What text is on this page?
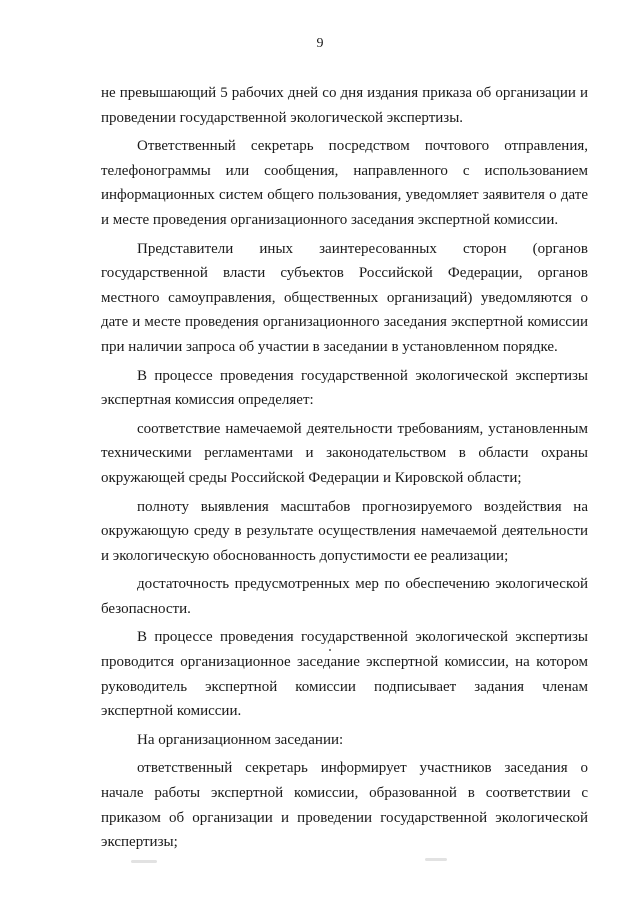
9

не превышающий 5 рабочих дней со дня издания приказа об организации и проведении государственной экологической экспертизы.

Ответственный секретарь посредством почтового отправления, телефонограммы или сообщения, направленного с использованием информационных систем общего пользования, уведомляет заявителя о дате и месте проведения организационного заседания экспертной комиссии.

Представители иных заинтересованных сторон (органов государственной власти субъектов Российской Федерации, органов местного самоуправления, общественных организаций) уведомляются о дате и месте проведения организационного заседания экспертной комиссии при наличии запроса об участии в заседании в установленном порядке.

В процессе проведения государственной экологической экспертизы экспертная комиссия определяет:

соответствие намечаемой деятельности требованиям, установленным техническими регламентами и законодательством в области охраны окружающей среды Российской Федерации и Кировской области;

полноту выявления масштабов прогнозируемого воздействия на окружающую среду в результате осуществления намечаемой деятельности и экологическую обоснованность допустимости ее реализации;

достаточность предусмотренных мер по обеспечению экологической безопасности.

В процессе проведения государственной экологической экспертизы проводится организационное заседание экспертной комиссии, на котором руководитель экспертной комиссии подписывает задания членам экспертной комиссии.

На организационном заседании:

ответственный секретарь информирует участников заседания о начале работы экспертной комиссии, образованной в соответствии с приказом об организации и проведении государственной экологической экспертизы;
